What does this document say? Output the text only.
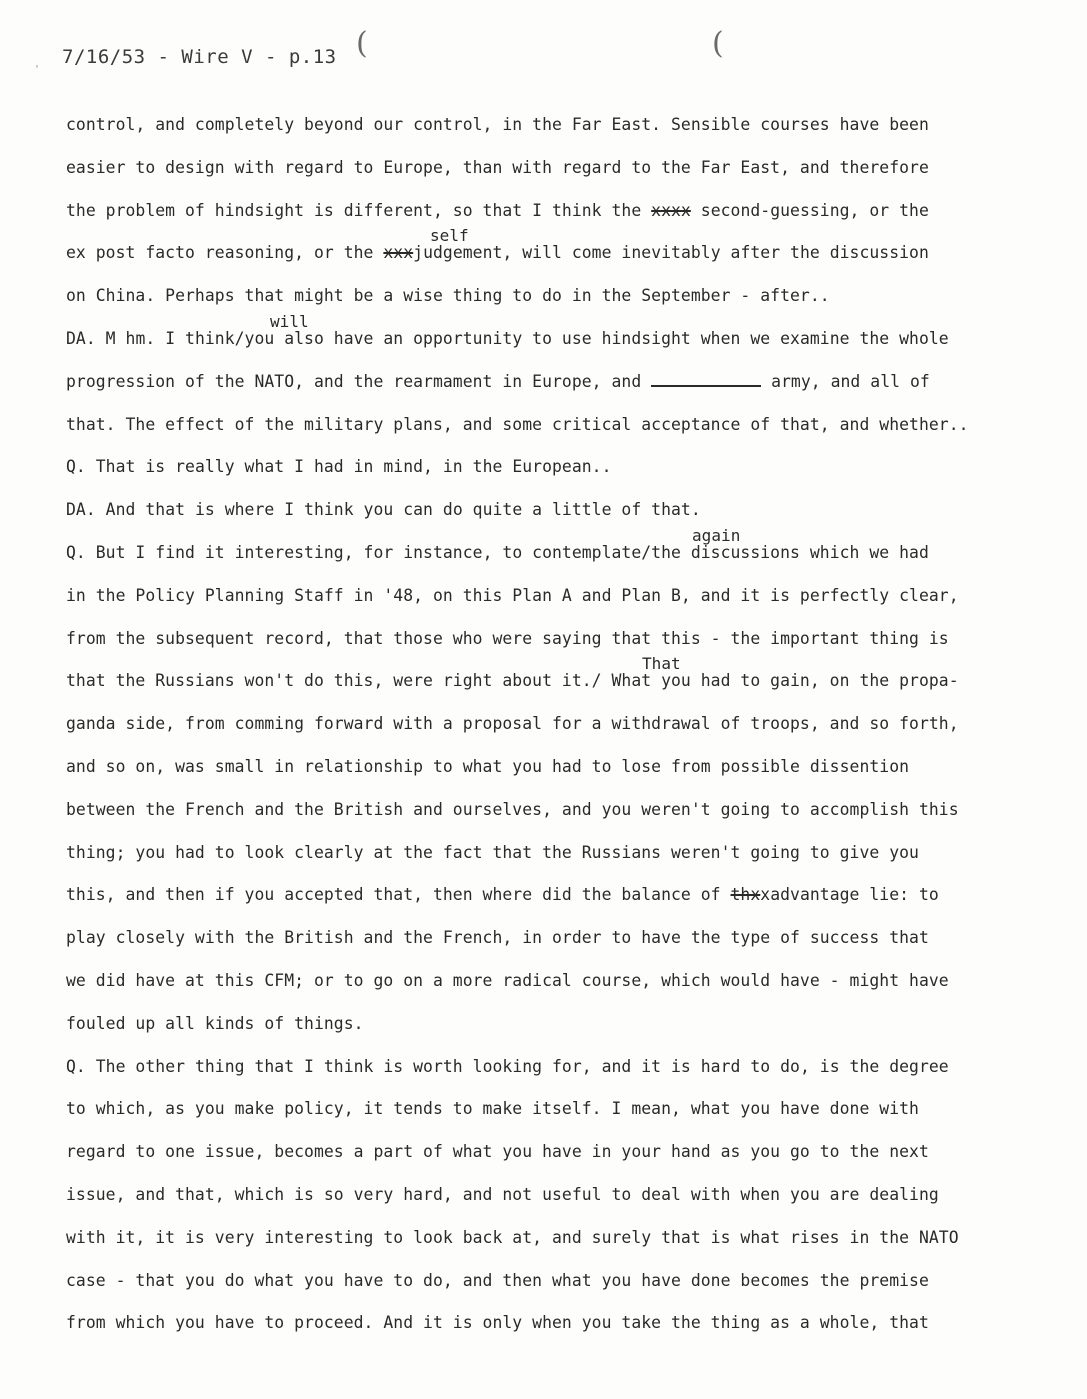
'
7/16/53 - Wire V - p.13 (	(
control, and completely beyond our control, in the Far East. Sensible courses have been
easier to design with regard to Europe, than with regard to the Far East, and therefore
the problem of hindsight is different, so that I think the xxxx second-guessing, or the
self
ex post facto reasoning, or the xxxjudgement, will come inevitably after the discussion
on China. Perhaps that might be a wise thing to do in the September - after..
will
DA. M hm. I think/you also have an opportunity to use hindsight when we examine the whole
progression of the NATO, and the rearmament in Europe, and	army, and all of
that. The effect of the military plans, and some critical acceptance of that, and whether..
Q. That is really what I had in mind, in the European..
DA. And that is where I think you can do quite a little of that.
again
Q. But I find it interesting, for instance, to contemplate/the discussions which we had
in the Policy Planning Staff in '48, on this Plan A and Plan B, and it is perfectly clear,
from the subsequent record, that those who were saying that this - the important thing is
That
that the Russians won't do this, were right about it./ What you had to gain, on the propa-
ganda side, from comming forward with a proposal for a withdrawal of troops, and so forth,
and so on, was small in relationship to what you had to lose from possible dissention
between the French and the British and ourselves, and you weren't going to accomplish this
thing; you had to look clearly at the fact that the Russians weren't going to give you
this, and then if you accepted that, then where did the balance of thxxadvantage lie: to
play closely with the British and the French, in order to have the type of success that
we did have at this CFM; or to go on a more radical course, which would have - might have
fouled up all kinds of things.
Q. The other thing that I think is worth looking for, and it is hard to do, is the degree
to which, as you make policy, it tends to make itself. I mean, what you have done with
regard to one issue, becomes a part of what you have in your hand as you go to the next
issue, and that, which is so very hard, and not useful to deal with when you are dealing
with it, it is very interesting to look back at, and surely that is what rises in the NATO
case - that you do what you have to do, and then what you have done becomes the premise
from which you have to proceed. And it is only when you take the thing as a whole, that
